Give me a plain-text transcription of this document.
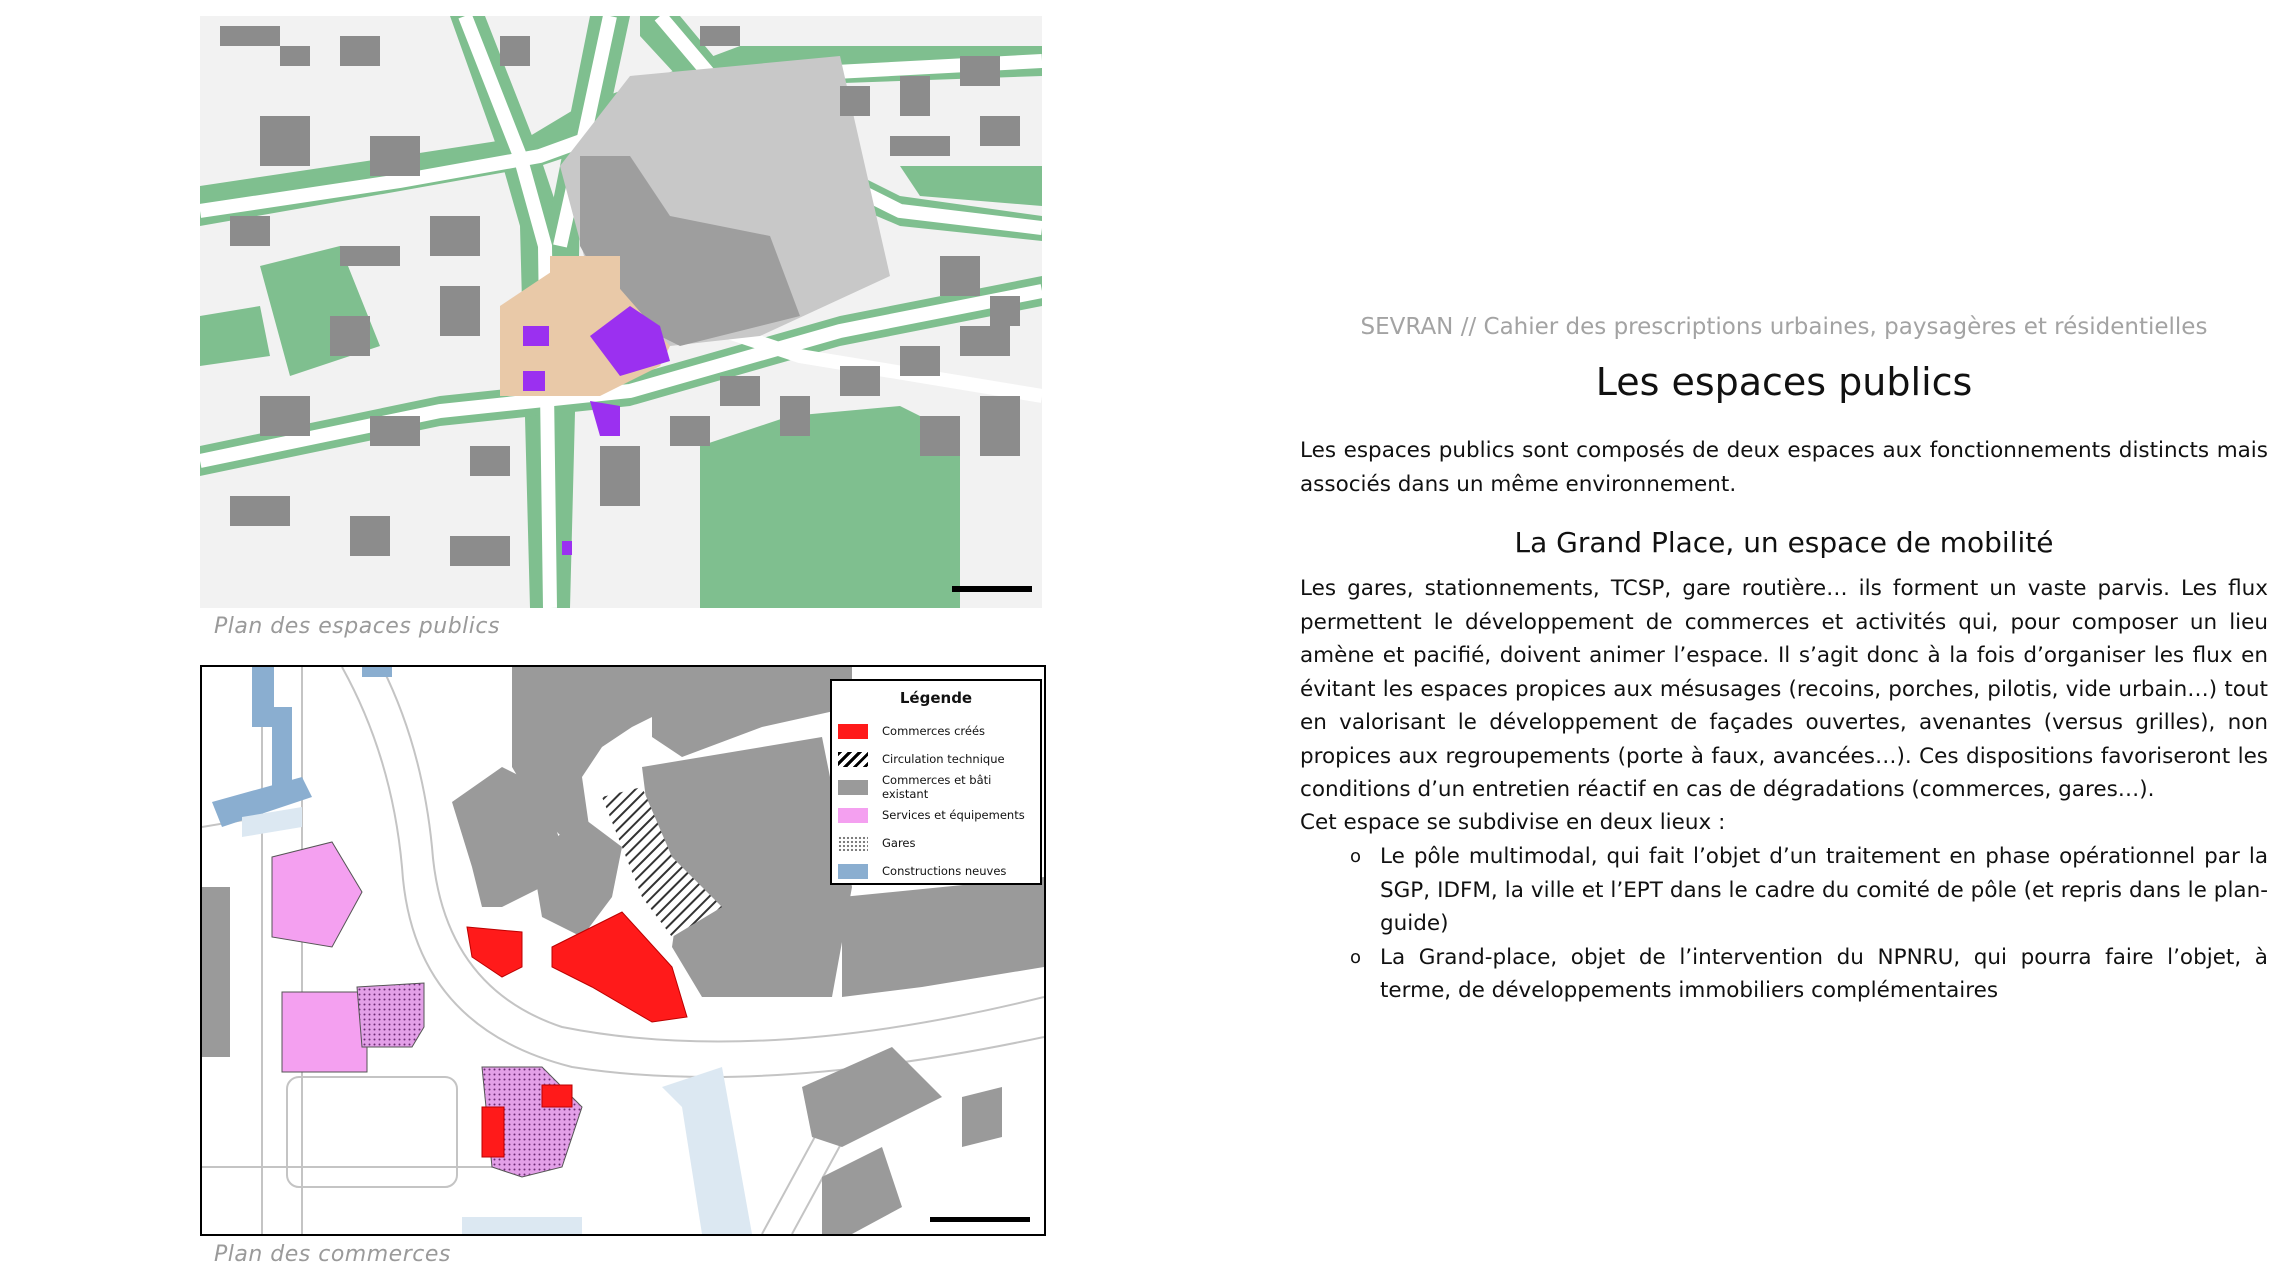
Plan des espaces publics
Légende
Commerces créés
Circulation technique
Commerces et bâti existant
Services et équipements
Gares
Constructions neuves
Plan des commerces
SEVRAN // Cahier des prescriptions urbaines, paysagères et résidentielles
Les espaces publics
Les espaces publics sont composés de deux espaces aux fonctionnements distincts mais associés dans un même environnement.
La Grand Place, un espace de mobilité
Les gares, stationnements, TCSP, gare routière… ils forment un vaste parvis. Les flux permettent le développement de commerces et activités qui, pour composer un lieu amène et pacifié, doivent animer l’espace. Il s’agit donc à la fois d’organiser les flux en évitant les espaces propices aux mésusages (recoins, porches, pilotis, vide urbain…) tout en valorisant le développement de façades ouvertes, avenantes (versus grilles), non propices aux regroupements (porte à faux, avancées…). Ces dispositions favoriseront les conditions d’un entretien réactif en cas de dégradations (commerces, gares…).
Cet espace se subdivise en deux lieux :
o Le pôle multimodal, qui fait l’objet d’un traitement en phase opérationnel par la SGP, IDFM, la ville et l’EPT dans le cadre du comité de pôle (et repris dans le plan-guide)
o La Grand-place, objet de l’intervention du NPNRU, qui pourra faire l’objet, à terme, de développements immobiliers complémentaires
